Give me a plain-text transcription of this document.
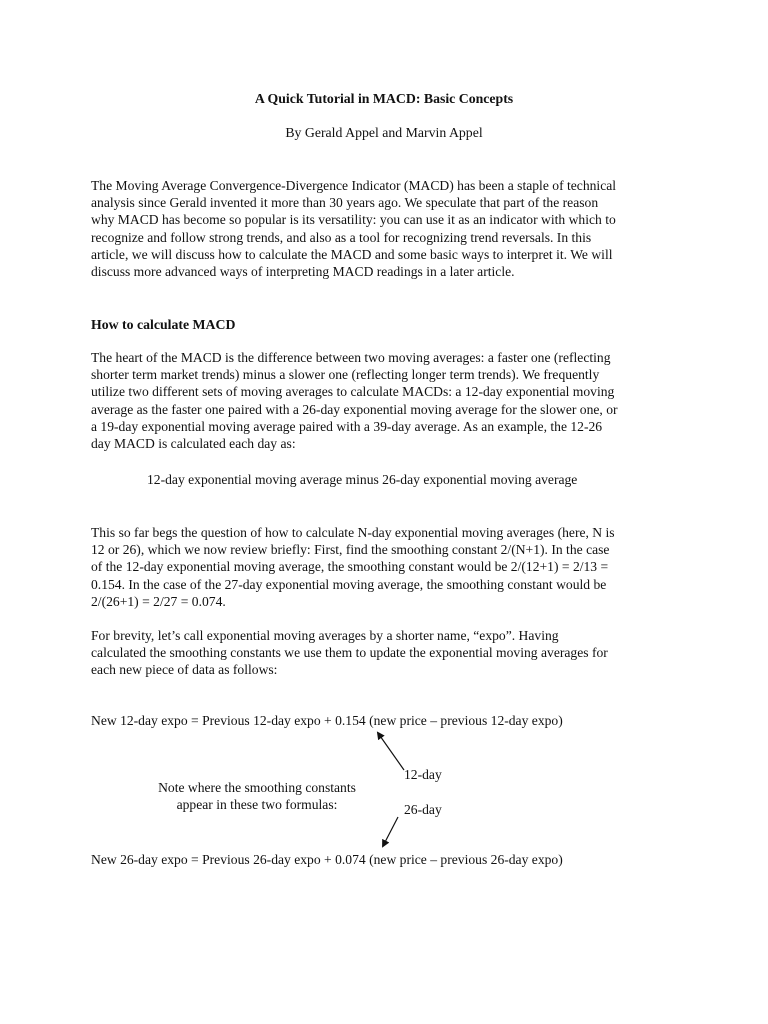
A Quick Tutorial in MACD: Basic Concepts
By Gerald Appel and Marvin Appel
The Moving Average Convergence-Divergence Indicator (MACD) has been a staple of technical
analysis since Gerald invented it more than 30 years ago. We speculate that part of the reason
why MACD has become so popular is its versatility: you can use it as an indicator with which to
recognize and follow strong trends, and also as a tool for recognizing trend reversals. In this
article, we will discuss how to calculate the MACD and some basic ways to interpret it. We will
discuss more advanced ways of interpreting MACD readings in a later article.
How to calculate MACD
The heart of the MACD is the difference between two moving averages: a faster one (reflecting
shorter term market trends) minus a slower one (reflecting longer term trends). We frequently
utilize two different sets of moving averages to calculate MACDs: a 12-day exponential moving
average as the faster one paired with a 26-day exponential moving average for the slower one, or
a 19-day exponential moving average paired with a 39-day average. As an example, the 12-26
day MACD is calculated each day as:
12-day exponential moving average minus 26-day exponential moving average
This so far begs the question of how to calculate N-day exponential moving averages (here, N is
12 or 26), which we now review briefly: First, find the smoothing constant 2/(N+1). In the case
of the 12-day exponential moving average, the smoothing constant would be 2/(12+1) = 2/13 =
0.154. In the case of the 27-day exponential moving average, the smoothing constant would be
2/(26+1) = 2/27 = 0.074.
For brevity, let’s call exponential moving averages by a shorter name, “expo”. Having
calculated the smoothing constants we use them to update the exponential moving averages for
each new piece of data as follows:
New 12-day expo = Previous 12-day expo + 0.154 (new price – previous 12-day expo)
Note where the smoothing constants
appear in these two formulas:
12-day
26-day
New 26-day expo = Previous 26-day expo + 0.074 (new price – previous 26-day expo)
